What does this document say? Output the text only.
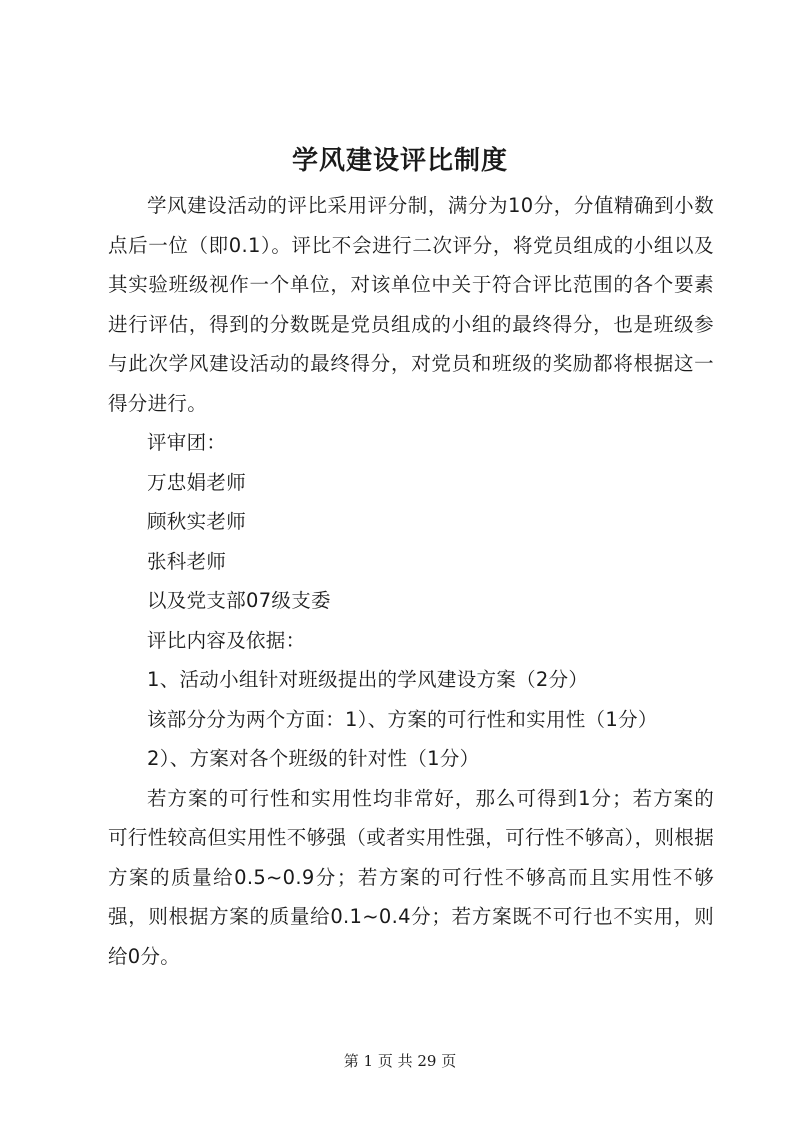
学风建设评比制度

学风建设活动的评比采用评分制，满分为10分，分值精确到小数点后一位（即0.1）。评比不会进行二次评分，将党员组成的小组以及其实验班级视作一个单位，对该单位中关于符合评比范围的各个要素进行评估，得到的分数既是党员组成的小组的最终得分，也是班级参与此次学风建设活动的最终得分，对党员和班级的奖励都将根据这一得分进行。

评审团：

万忠娟老师

顾秋实老师

张科老师

以及党支部07级支委

评比内容及依据：

1、活动小组针对班级提出的学风建设方案（2分）

该部分分为两个方面：1）、方案的可行性和实用性（1分）

2）、方案对各个班级的针对性（1分）

若方案的可行性和实用性均非常好，那么可得到1分；若方案的可行性较高但实用性不够强（或者实用性强，可行性不够高），则根据方案的质量给0.5~0.9分；若方案的可行性不够高而且实用性不够强，则根据方案的质量给0.1~0.4分；若方案既不可行也不实用，则给0分。

第 1 页 共 29 页
